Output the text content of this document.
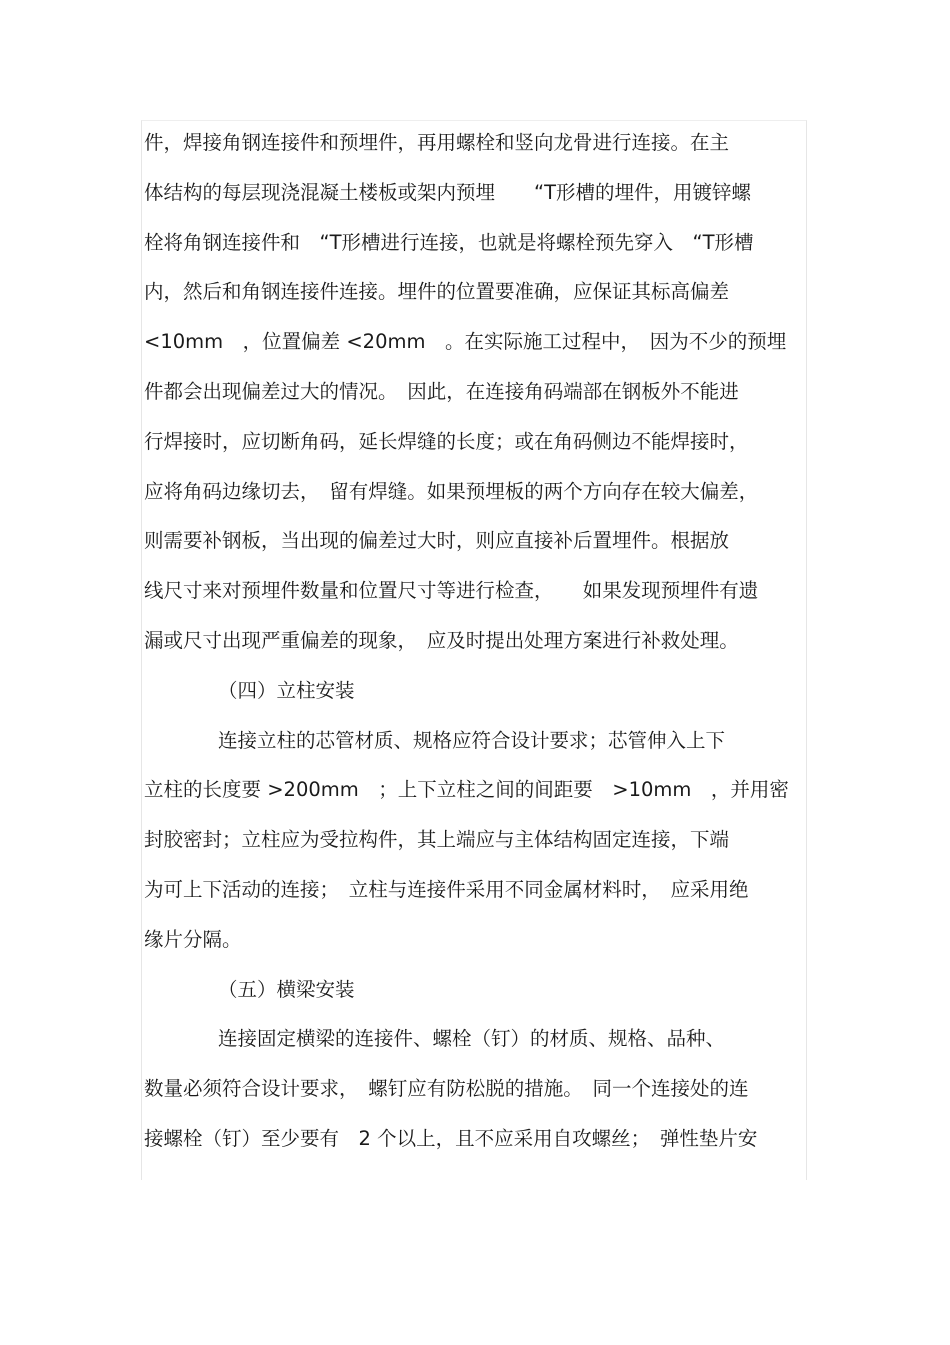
件，焊接角钢连接件和预埋件，再用螺栓和竖向龙骨进行连接。在主
体结构的每层现浇混凝土楼板或架内预埋　　“T形槽的埋件，用镀锌螺
栓将角钢连接件和　“T形槽进行连接，也就是将螺栓预先穿入　“T形槽
内，然后和角钢连接件连接。埋件的位置要准确，应保证其标高偏差
<10mm　，位置偏差 <20mm　。在实际施工过程中，　因为不少的预埋
件都会出现偏差过大的情况。　因此，在连接角码端部在钢板外不能进
行焊接时，应切断角码，延长焊缝的长度；或在角码侧边不能焊接时，
应将角码边缘切去，　留有焊缝。如果预埋板的两个方向存在较大偏差，
则需要补钢板，当出现的偏差过大时，则应直接补后置埋件。根据放
线尺寸来对预埋件数量和位置尺寸等进行检查，　　如果发现预埋件有遗
漏或尺寸出现严重偏差的现象，　应及时提出处理方案进行补救处理。
（四）立柱安装
连接立柱的芯管材质、规格应符合设计要求；芯管伸入上下
立柱的长度要 >200mm　；上下立柱之间的间距要　>10mm　，并用密
封胶密封；立柱应为受拉构件，其上端应与主体结构固定连接，下端
为可上下活动的连接；　立柱与连接件采用不同金属材料时，　应采用绝
缘片分隔。
（五）横梁安装
连接固定横梁的连接件、螺栓（钉）的材质、规格、品种、
数量必须符合设计要求，　螺钉应有防松脱的措施。　同一个连接处的连
接螺栓（钉）至少要有　2 个以上，且不应采用自攻螺丝；　弹性垫片安
